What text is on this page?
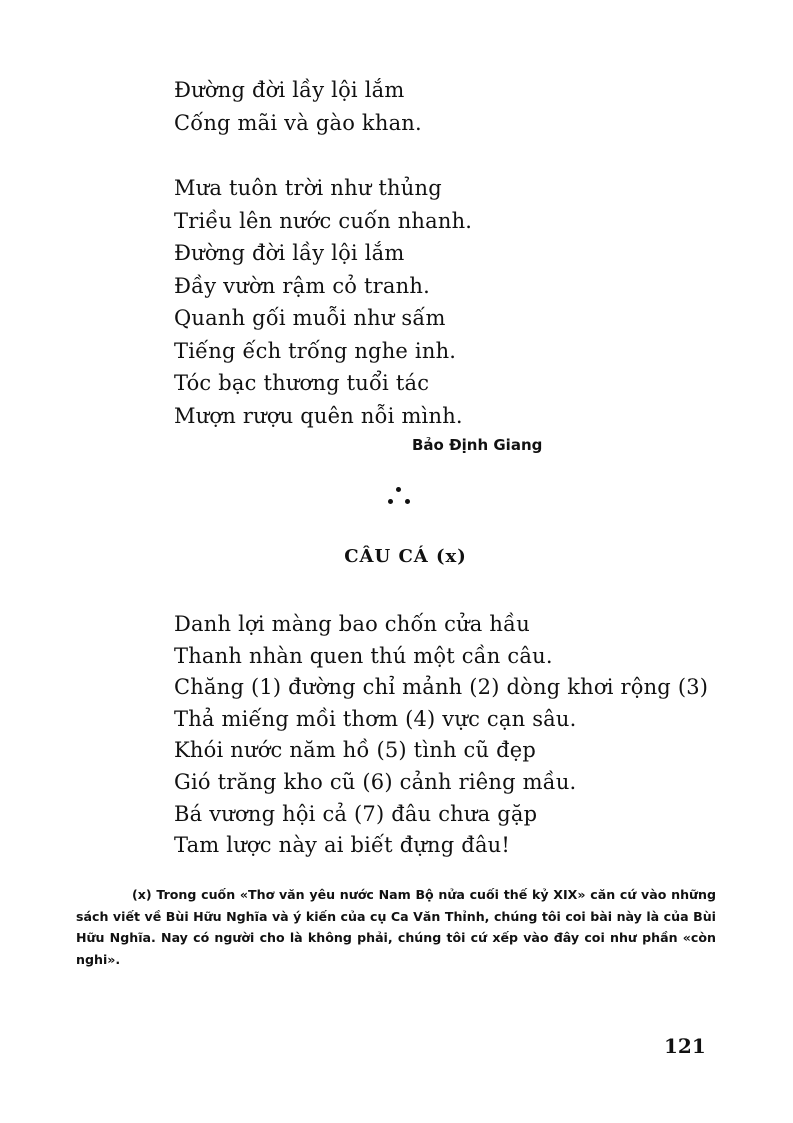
Đường đời lầy lội lắm
Cống mãi và gào khan.
Mưa tuôn trời như thủng
Triều lên nước cuốn nhanh.
Đường đời lầy lội lắm
Đầy vườn rậm cỏ tranh.
Quanh gối muỗi như sấm
Tiếng ếch trống nghe inh.
Tóc bạc thương tuổi tác
Mượn rượu quên nỗi mình.
Bảo Định Giang
CÂU CÁ (x)
Danh lợi màng bao chốn cửa hầu
Thanh nhàn quen thú một cần câu.
Chăng (1) đường chỉ mảnh (2) dòng khơi rộng (3)
Thả miếng mồi thơm (4) vực cạn sâu.
Khói nước năm hồ (5) tình cũ đẹp
Gió trăng kho cũ (6) cảnh riêng mầu.
Bá vương hội cả (7) đâu chưa gặp
Tam lược này ai biết đựng đâu!

(x) Trong cuốn «Thơ văn yêu nước Nam Bộ nửa cuối thế kỷ XIX» căn cứ vào những sách viết về Bùi Hữu Nghĩa và ý kiến của cụ Ca Văn Thỉnh, chúng tôi coi bài này là của Bùi Hữu Nghĩa. Nay có người cho là không phải, chúng tôi cứ xếp vào đây coi như phần «còn nghi».

121
